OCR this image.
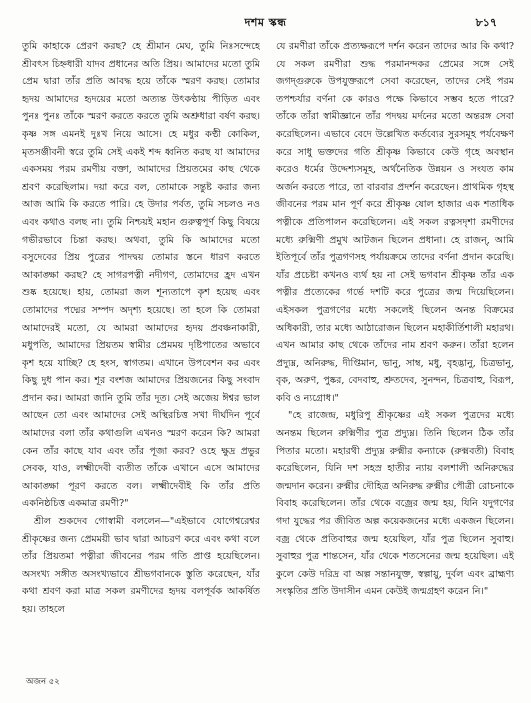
দশম স্কন্ধ	৮১৭

তুমি কাহাকে প্রেরণ করছ? হে শ্রীমান মেঘ, তুমি নিঃসন্দেহে শ্রীবৎস চিহ্নধারী যাদব প্রধানের অতি প্রিয়। আমাদের মতো তুমি প্রেম দ্বারা তাঁর প্রতি আবদ্ধ হয়ে তাঁকে স্মরণ করছ। তোমার হৃদয় আমাদের হৃদয়ের মতো অত্যন্ত উৎকণ্ঠায় পীড়িত এবং পুনঃ পুনঃ তাঁকে স্মরণ করতে করতে তুমি অশ্রুধারা বর্ষণ করছ। কৃষ্ণ সঙ্গ এমনই দুঃখ নিয়ে আসে। হে মধুর কণ্ঠী কোকিল, মৃতসঞ্জীবনী স্বরে তুমি সেই একই শব্দ ধ্বনিত করছ যা আমাদের একসময় পরম রমণীয় বক্তা, আমাদের প্রিয়তমের কাছ থেকে শ্রবণ করেছিলাম। দয়া করে বল, তোমাকে সন্তুষ্ট করার জন্য আজ আমি কি করতে পারি। হে উদার পর্বত, তুমি সচলও নও এবং কথাও বলছ না। তুমি নিশ্চয়ই মহান গুরুত্বপূর্ণ কিছু বিষয়ে গভীরভাবে চিন্তা করছ। অথবা, তুমি কি আমাদের মতো বসুদেবের প্রিয় পুত্রের পাদদ্বয় তোমার স্তনে ধারণ করতে আকাঙ্ক্ষা করছ? হে সাগরপত্নী নদীগণ, তোমাদের হ্রদ এখন শুষ্ক হয়েছে। হায়, তোমরা জল শূন্যতাপে কৃশ হয়েছ এবং তোমাদের পদ্মের সম্পদ অদৃশ্য হয়েছে। তা হলে কি তোমরা আমাদেরই মতো, যে আমরা আমাদের হৃদয় প্রবঞ্চনাকারী, মধুপতি, আমাদের প্রিয়তম স্বামীর প্রেমময় দৃষ্টিপাতের অভাবে কৃশ হয়ে যাচ্ছি? হে হংস, স্বাগতম। এখানে উপবেশন কর এবং কিছু দুধ পান কর। শূর বংশজ আমাদের প্রিয়জনের কিছু সংবাদ প্রদান কর। আমরা জানি তুমি তাঁর দূত। সেই অজেয় ঈশ্বর ভাল আছেন তো এবং আমাদের সেই অস্থিরচিত্ত সখা দীর্ঘদিন পূর্বে আমাদের বলা তাঁর কথাগুলি এখনও স্মরণ করেন কি? আমরা কেন তাঁর কাছে যাব এবং তাঁর পূজা করব? ওহে ক্ষুদ্র প্রভুর সেবক, যাও, লক্ষ্মীদেবী ব্যতীত তাঁকে এখানে এসে আমাদের আকাঙ্ক্ষা পূরণ করতে বল। লক্ষ্মীদেবীই কি তাঁর প্রতি একনিষ্ঠচিত্ত একমাত্র রমণী?"

শ্রীল শুকদেব গোস্বামী বললেন—"এইভাবে যোগেশ্বরেশ্বর শ্রীকৃষ্ণের জন্য প্রেমময়ী ভাব দ্বারা আচরণ করে এবং কথা বলে তাঁর প্রিয়তমা পত্নীরা জীবনের পরম গতি প্রাপ্ত হয়েছিলেন। অসংখ্য সঙ্গীত অসংখ্যভাবে শ্রীভগবানকে স্তুতি করেছেন, যাঁর কথা শ্রবণ করা মাত্র সকল রমণীদের হৃদয় বলপূর্বক আকর্ষিত হয়। তাহলে

যে রমণীরা তাঁকে প্রত্যক্ষরূপে দর্শন করেন তাদের আর কি কথা? যে সকল রমণীরা শুদ্ধ পরমানন্দকর প্রেমের সঙ্গে সেই জগদ্গুরুকে উপযুক্তরূপে সেবা করেছেন, তাদের সেই পরম তপশ্চর্যার বর্ণনা কে কারও পক্ষে কিভাবে সম্ভব হতে পারে? তাঁকে তাঁরা স্বামীজ্ঞানে তাঁর পদদ্বয় মর্দনের মতো অন্তরঙ্গ সেবা করেছিলেন। এভাবে বেদে উল্লেখিত কর্তব্যের সুরসমূহ পর্যবেক্ষণ করে সাধু ভক্তদের গতি শ্রীকৃষ্ণ কিভাবে কেউ গৃহে অবস্থান করেও ধর্মের উদ্দেশ্যসমূহ, অর্থনৈতিক উন্নয়ন ও সংযত কাম অর্জন করতে পারে, তা বারবার প্রদর্শন করেছেন। প্রাথমিক গৃহস্থ জীবনের পরম মান পূর্ণ করে শ্রীকৃষ্ণ ষোল হাজার এক শতাধিক পত্নীকে প্রতিপালন করেছিলেন। এই সকল রত্নসদৃশা রমণীদের মধ্যে রুক্মিণী প্রমুখ আটজন ছিলেন প্রধানা। হে রাজন্, আমি ইতিপূর্বে তাঁর পুত্রগণসহ পর্যায়ক্রমে তাদের বর্ণনা প্রদান করেছি। যাঁর প্রচেষ্টা কখনও ব্যর্থ হয় না সেই ভগবান শ্রীকৃষ্ণ তাঁর এক পত্নীর প্রত্যেকের গর্ভে দশটি করে পুত্রের জন্ম দিয়েছিলেন। এইসকল পুত্রগণের মধ্যে সকলেই ছিলেন অনন্ত বিক্রমের অধিকারী, তার মধ্যে আঠারোজন ছিলেন মহাকীর্তিশালী মহারথ। এখন আমার কাছ থেকে তাঁদের নাম শ্রবণ করুন। তাঁরা হলেন প্রদ্যুম্ন, অনিরুদ্ধ, দীপ্তিমান, ভানু, সাম্ব, মধু, বৃহদ্ভানু, চিত্রভানু, বৃক, অরুণ, পুষ্কর, বেদবাহু, শ্রুতদেব, সুনন্দন, চিত্রবাহু, বিরূপ, কবি ও ন্যগ্রোধ।"

"হে রাজেন্দ্র, মধুরিপু শ্রীকৃষ্ণের এই সকল পুত্রদের মধ্যে অনন্তম ছিলেন রুক্মিণীর পুত্র প্রদ্যুম্ন। তিনি ছিলেন ঠিক তাঁর পিতার মতো। মহারথী প্রদ্যুম্ন রুক্মীর কন্যাকে (রুক্মবতী) বিবাহ করেছিলেন, যিনি দশ সহস্র হাতীর ন্যায় বলশালী অনিরুদ্ধের জন্মদান করেন। রুক্মীর দৌহিত্র অনিরুদ্ধ রুক্মীর পৌত্রী রোচনাকে বিবাহ করেছিলেন। তাঁর থেকে বজ্রের জন্ম হয়, যিনি যদুগণের গদা যুদ্ধের পর জীবিত অল্প কয়েকজনের মধ্যে একজন ছিলেন। বজ্র থেকে প্রতিবাহুর জন্ম হয়েছিল, যাঁর পুত্র ছিলেন সুবাহু। সুবাহুর পুত্র শান্তসেন, যাঁর থেকে শতসেনের জন্ম হয়েছিল। এই কুলে কেউ দরিদ্র বা অল্প সন্তানযুক্ত, স্বল্পায়ু, দুর্বল এবং ব্রাহ্মণ্য সংস্কৃতির প্রতি উদাসীন এমন কেউই জন্মগ্রহণ করেন নি।"

অজন ৫২
